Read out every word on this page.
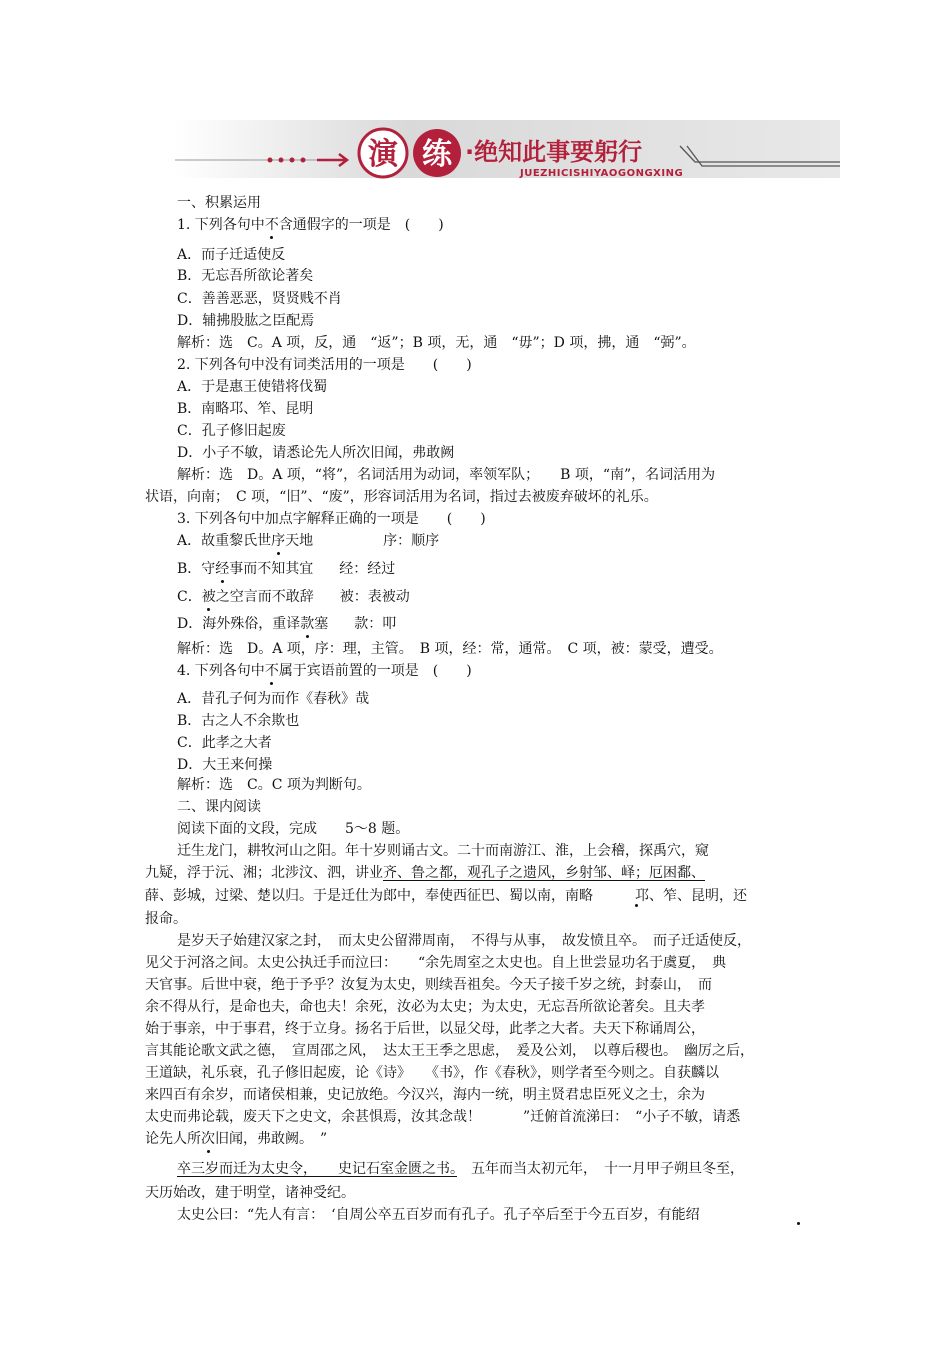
演 练 ·绝知此事要躬行
JUEZHICISHIYAOGONGXING
一、积累运用
1. 下列各句中不含通假字的一项是　(　　)
A．而子迁适使反
B．无忘吾所欲论著矣
C．善善恶恶，贤贤贱不肖
D．辅拂股肱之臣配焉
解析：选　C。A 项，反，通　“返”；B 项，无，通　“毋”；D 项，拂，通　“弼”。
2. 下列各句中没有词类活用的一项是　　(　　)
A．于是惠王使错将伐蜀
B．南略邛、笮、昆明
C．孔子修旧起废
D．小子不敏，请悉论先人所次旧闻，弗敢阙
解析：选　D。A 项，“将”，名词活用为动词，率领军队；　　B 项，“南”，名词活用为
状语，向南；　C 项，“旧”、“废”，形容词活用为名词，指过去被废弃破坏的礼乐。
3. 下列各句中加点字解释正确的一项是　　(　　)
A．故重黎氏世序天地	序：顺序
B．守经事而不知其宜 经：经过
C．被之空言而不敢辞 被：表被动
D．海外殊俗，重译款塞 款：叩
解析：选　D。A 项，序：理，主管。　B 项，经：常，通常。　C 项，被：蒙受，遭受。
4. 下列各句中不属于宾语前置的一项是　(　　)
A．昔孔子何为而作《春秋》哉
B．古之人不余欺也
C．此孝之大者
D．大王来何操
解析：选　C。C 项为判断句。
二、课内阅读
阅读下面的文段，完成　　5～8 题。
迁生龙门，耕牧河山之阳。年十岁则诵古文。二十而南游江、淮，上会稽，探禹穴，窥
九疑，浮于沅、湘；北涉汶、泗，讲业齐、鲁之都，观孔子之遗风，乡射邹、峄；厄困鄱、
薛、彭城，过梁、楚以归。于是迁仕为郎中，奉使西征巴、蜀以南，南略　　　邛、笮、昆明，还
报命。
是岁天子始建汉家之封，　而太史公留滞周南，　不得与从事，　故发愤且卒。　而子迁适使反，
见父于河洛之间。太史公执迁手而泣曰：　　“余先周室之太史也。自上世尝显功名于虞夏，　典
天官事。后世中衰，绝于予乎？汝复为太史，则续吾祖矣。今天子接千岁之统，封泰山，　而
余不得从行，是命也夫，命也夫！余死，汝必为太史；为太史，无忘吾所欲论著矣。且夫孝
始于事亲，中于事君，终于立身。扬名于后世，以显父母，此孝之大者。夫天下称诵周公，
言其能论歌文武之德，　宣周邵之风，　达太王王季之思虑，　爰及公刘，　以尊后稷也。　幽厉之后，
王道缺，礼乐衰，孔子修旧起废，论《诗》　　《书》，作《春秋》，则学者至今则之。自获麟以
来四百有余岁，而诸侯相兼，史记放绝。今汉兴，海内一统，明主贤君忠臣死义之士，余为
太史而弗论载，废天下之史文，余甚惧焉，汝其念哉！　　　”迁俯首流涕曰：　“小子不敏，请悉
论先人所次旧闻，弗敢阙。　”
卒三岁而迁为太史令，　　史记石室金匮之书。　五年而当太初元年，　十一月甲子朔旦冬至，
天历始改，建于明堂，诸神受纪。
太史公曰：“先人有言：　‘自周公卒五百岁而有孔子。孔子卒后至于今五百岁，有能绍
